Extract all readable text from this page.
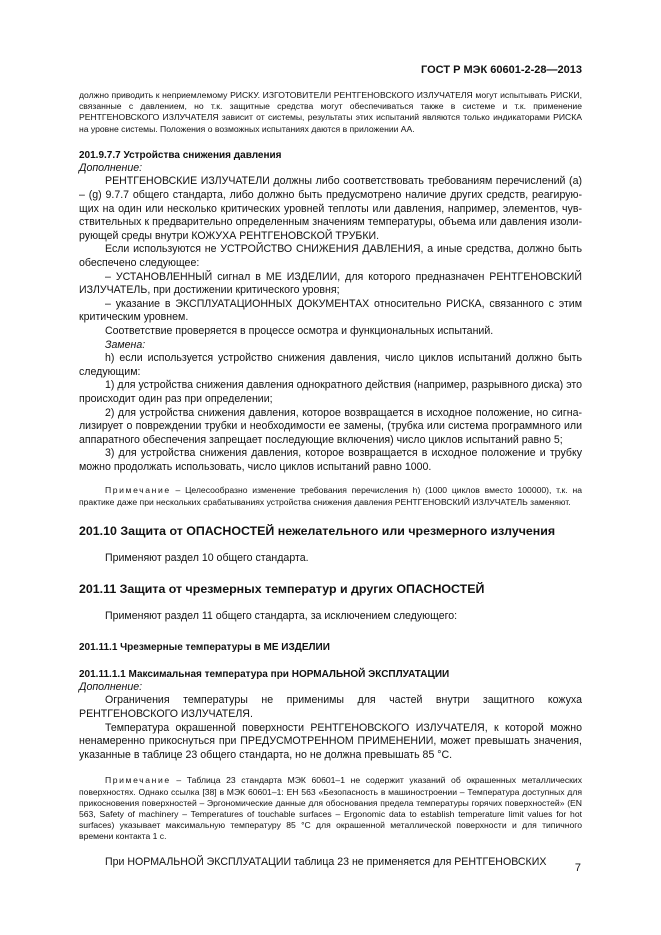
ГОСТ Р МЭК 60601-2-28—2013

должно приводить к неприемлемому РИСКУ. ИЗГОТОВИТЕЛИ РЕНТГЕНОВСКОГО ИЗЛУЧАТЕЛЯ могут испытывать РИСКИ, связанные с давлением, но т.к. защитные средства могут обеспечиваться также в системе и т.к. применение РЕНТГЕНОВСКОГО ИЗЛУЧАТЕЛЯ зависит от системы, результаты этих испытаний являются только индикаторами РИСКА на уровне системы. Положения о возможных испытаниях даются в приложении АА.

201.9.7.7 Устройства снижения давления

Дополнение:

РЕНТГЕНОВСКИЕ ИЗЛУЧАТЕЛИ должны либо соответствовать требованиям перечислений (a) – (g) 9.7.7 общего стандарта, либо должно быть предусмотрено наличие других средств, реагирующих на один или несколько критических уровней теплоты или давления, например, элементов, чувствительных к предварительно определенным значениям температуры, объема или давления изолирующей среды внутри КОЖУХА РЕНТГЕНОВСКОЙ ТРУБКИ.

Если используются не УСТРОЙСТВО СНИЖЕНИЯ ДАВЛЕНИЯ, а иные средства, должно быть обеспечено следующее:

– УСТАНОВЛЕННЫЙ сигнал в МЕ ИЗДЕЛИИ, для которого предназначен РЕНТГЕНОВСКИЙ ИЗЛУЧАТЕЛЬ, при достижении критического уровня;

– указание в ЭКСПЛУАТАЦИОННЫХ ДОКУМЕНТАХ относительно РИСКА, связанного с этим критическим уровнем.

Соответствие проверяется в процессе осмотра и функциональных испытаний.

Замена:

h) если используется устройство снижения давления, число циклов испытаний должно быть следующим:

1) для устройства снижения давления однократного действия (например, разрывного диска) это происходит один раз при определении;

2) для устройства снижения давления, которое возвращается в исходное положение, но сигнализирует о повреждении трубки и необходимости ее замены, (трубка или система программного или аппаратного обеспечения запрещает последующие включения) число циклов испытаний равно 5;

3) для устройства снижения давления, которое возвращается в исходное положение и трубку можно продолжать использовать, число циклов испытаний равно 1000.

Примечание – Целесообразно изменение требования перечисления h) (1000 циклов вместо 100000), т.к. на практике даже при нескольких срабатываниях устройства снижения давления РЕНТГЕНОВСКИЙ ИЗЛУЧАТЕЛЬ заменяют.

201.10 Защита от ОПАСНОСТЕЙ нежелательного или чрезмерного излучения

Применяют раздел 10 общего стандарта.

201.11 Защита от чрезмерных температур и других ОПАСНОСТЕЙ

Применяют раздел 11 общего стандарта, за исключением следующего:

201.11.1 Чрезмерные температуры в МЕ ИЗДЕЛИИ

201.11.1.1 Максимальная температура при НОРМАЛЬНОЙ ЭКСПЛУАТАЦИИ

Дополнение:

Ограничения температуры не применимы для частей внутри защитного кожуха РЕНТГЕНОВСКОГО ИЗЛУЧАТЕЛЯ.

Температура окрашенной поверхности РЕНТГЕНОВСКОГО ИЗЛУЧАТЕЛЯ, к которой можно ненамеренно прикоснуться при ПРЕДУСМОТРЕННОМ ПРИМЕНЕНИИ, может превышать значения, указанные в таблице 23 общего стандарта, но не должна превышать 85 °С.

Примечание – Таблица 23 стандарта МЭК 60601–1 не содержит указаний об окрашенных металлических поверхностях. Однако ссылка [38] в МЭК 60601–1: EH 563 «Безопасность в машиностроении – Температура доступных для прикосновения поверхностей – Эргономические данные для обоснования предела температуры горячих поверхностей» (EN 563, Safety of machinery – Temperatures of touchable surfaces – Ergonomic data to establish temperature limit values for hot surfaces) указывает максимальную температуру 85 °С для окрашенной металлической поверхности и для типичного времени контакта 1 с.

При НОРМАЛЬНОЙ ЭКСПЛУАТАЦИИ таблица 23 не применяется для РЕНТГЕНОВСКИХ

7
